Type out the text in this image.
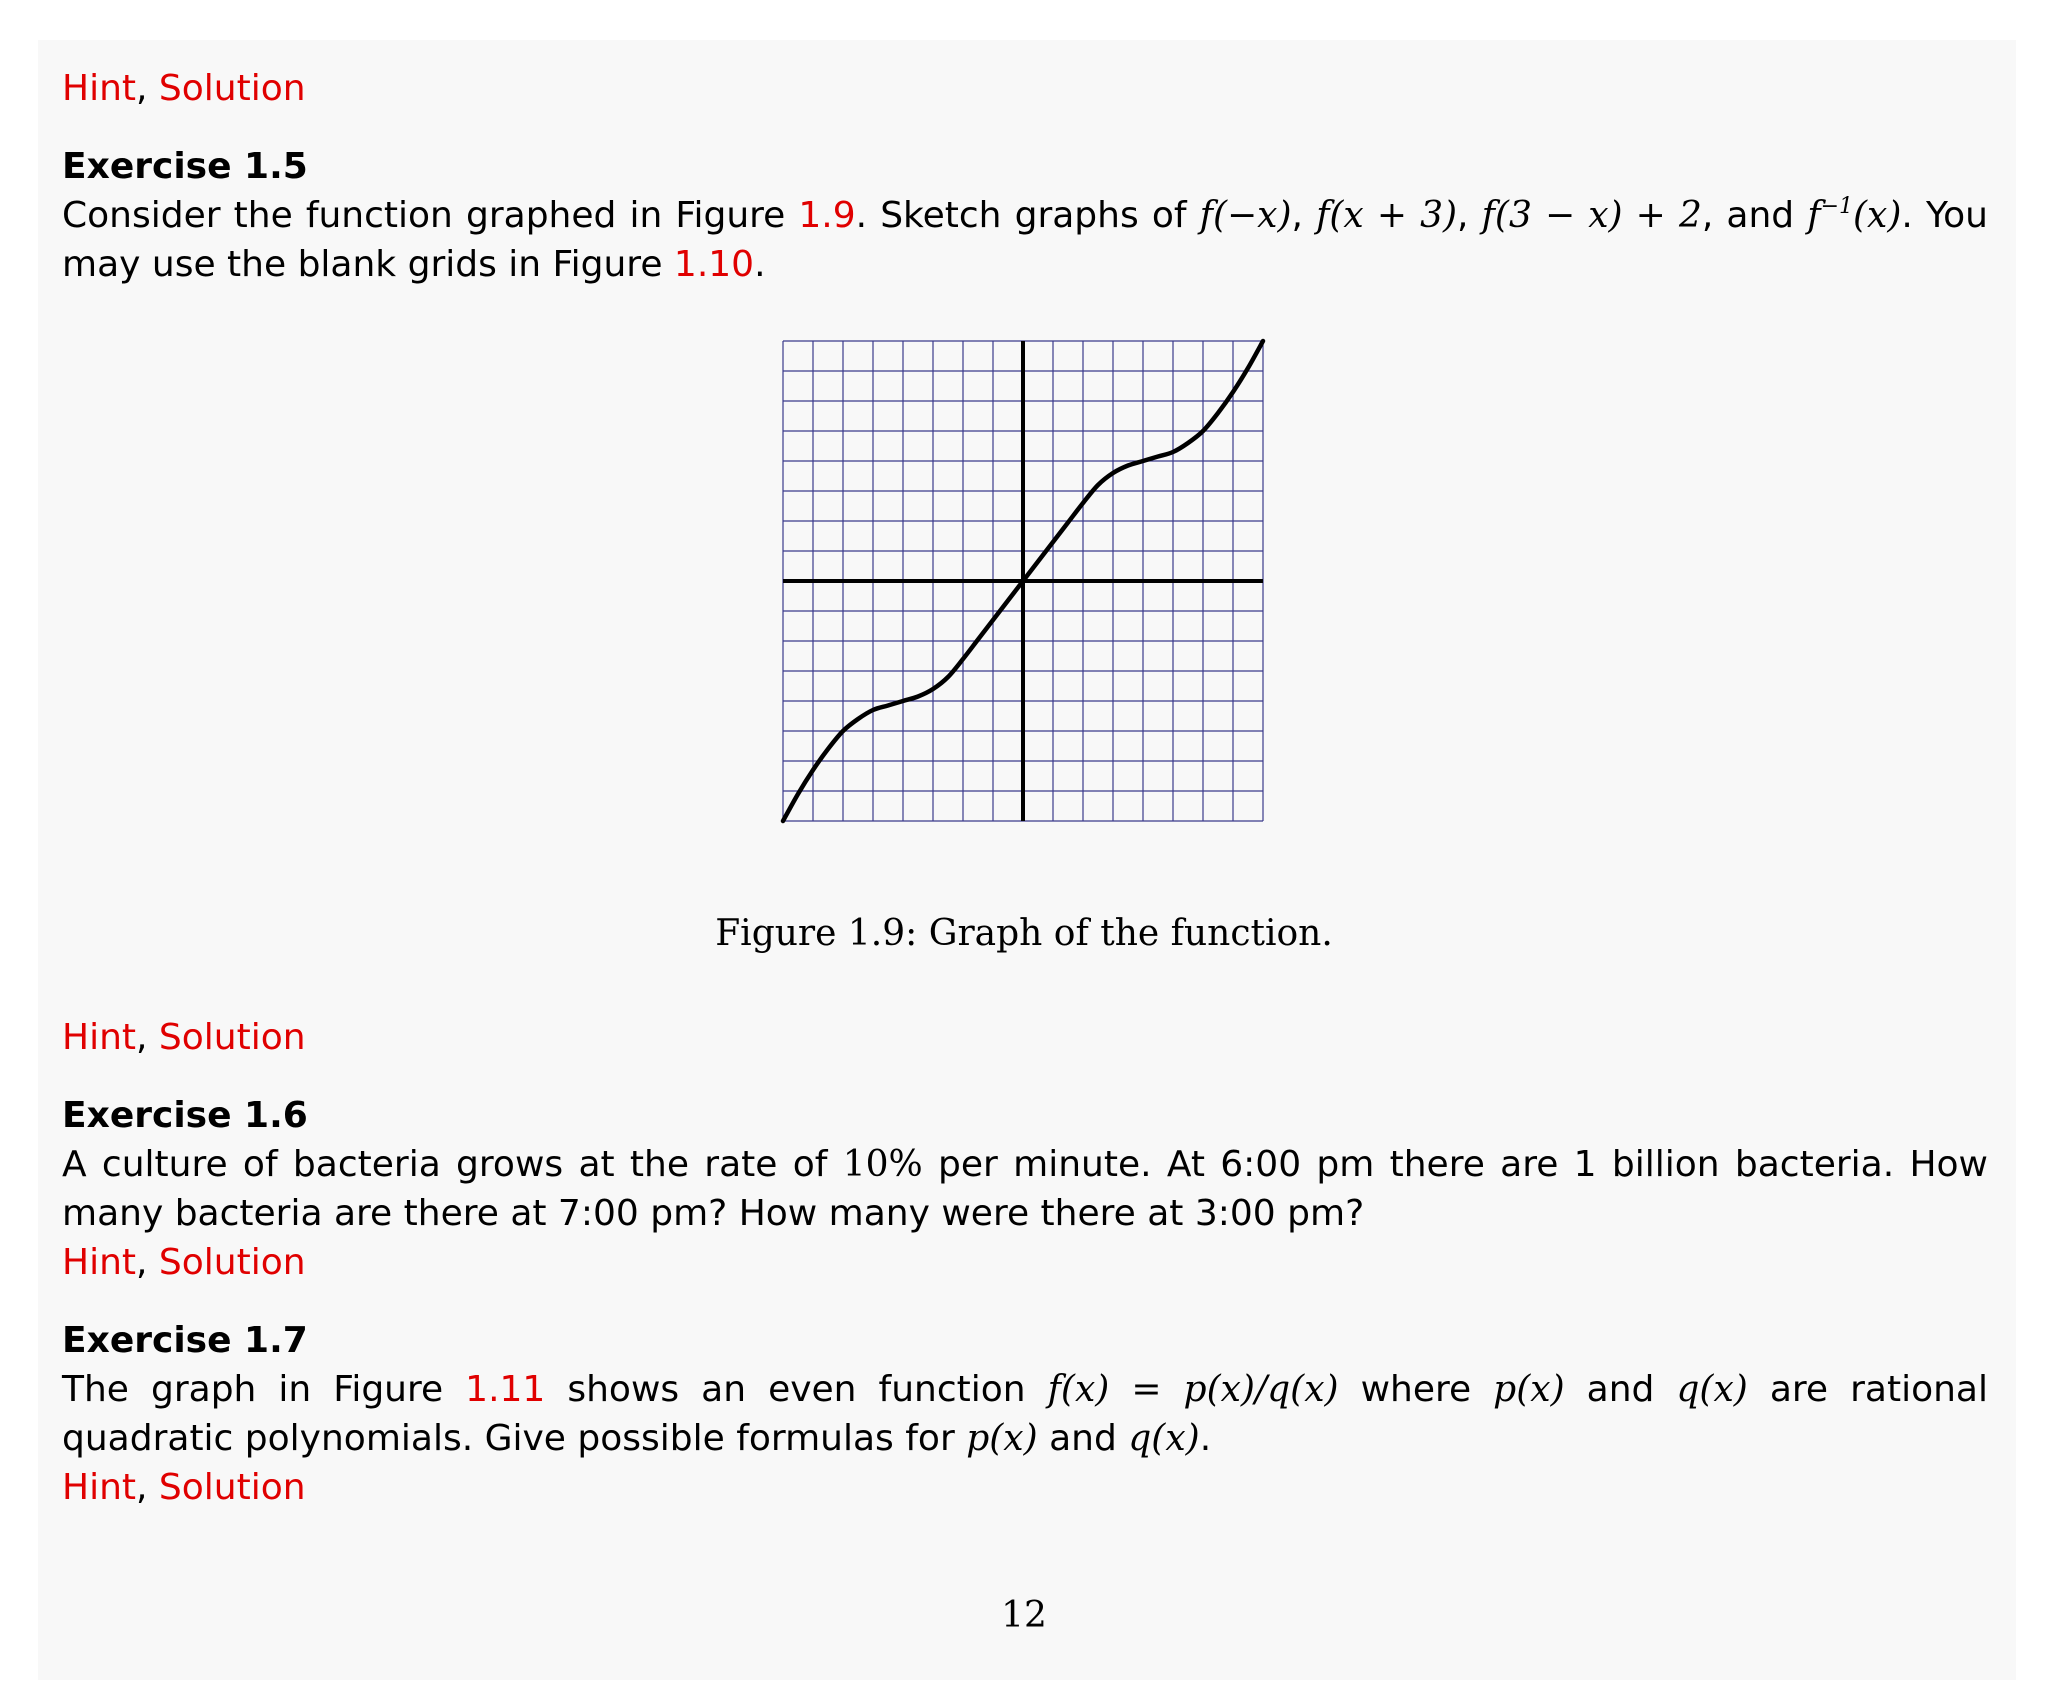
Hint, Solution

Exercise 1.5

Consider the function graphed in Figure 1.9. Sketch graphs of f(−x), f(x + 3), f(3 − x) + 2, and $f^{-1}(x)$. You may use the blank grids in Figure 1.10.

Figure 1.9: Graph of the function.

Hint, Solution

Exercise 1.6

A culture of bacteria grows at the rate of 10% per minute. At 6:00 pm there are 1 billion bacteria. How many bacteria are there at 7:00 pm? How many were there at 3:00 pm?

Hint, Solution

Exercise 1.7

The graph in Figure 1.11 shows an even function f(x) = p(x)/q(x) where p(x) and q(x) are rational quadratic polynomials. Give possible formulas for p(x) and q(x).

Hint, Solution

12
